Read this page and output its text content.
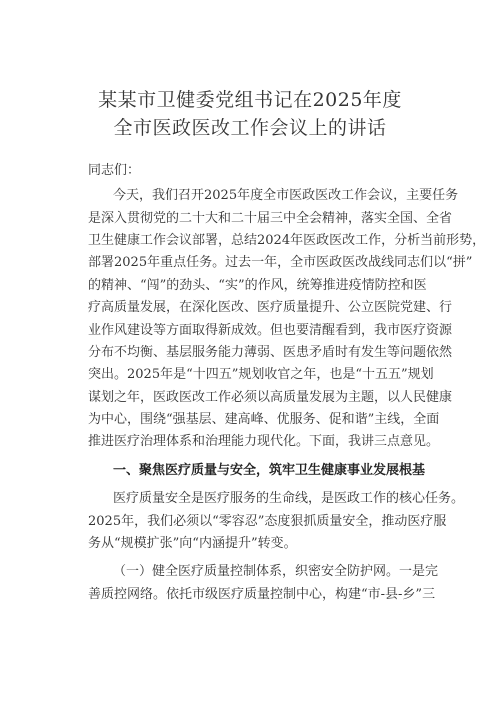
某某市卫健委党组书记在2025年度
全市医政医改工作会议上的讲话
同志们：
今天，我们召开2025年度全市医政医改工作会议，主要任务
是深入贯彻党的二十大和二十届三中全会精神，落实全国、全省
卫生健康工作会议部署，总结2024年医政医改工作，分析当前形势，
部署2025年重点任务。过去一年，全市医政医改战线同志们以“拼”
的精神、“闯”的劲头、“实”的作风，统筹推进疫情防控和医
疗高质量发展，在深化医改、医疗质量提升、公立医院党建、行
业作风建设等方面取得新成效。但也要清醒看到，我市医疗资源
分布不均衡、基层服务能力薄弱、医患矛盾时有发生等问题依然
突出。2025年是“十四五”规划收官之年，也是“十五五”规划
谋划之年，医政医改工作必须以高质量发展为主题，以人民健康
为中心，围绕“强基层、建高峰、优服务、促和谐”主线，全面
推进医疗治理体系和治理能力现代化。下面，我讲三点意见。
一、聚焦医疗质量与安全，筑牢卫生健康事业发展根基
医疗质量安全是医疗服务的生命线，是医政工作的核心任务。
2025年，我们必须以“零容忍”态度狠抓质量安全，推动医疗服
务从“规模扩张”向“内涵提升”转变。
（一）健全医疗质量控制体系，织密安全防护网。一是完
善质控网络。依托市级医疗质量控制中心，构建“市-县-乡”三
